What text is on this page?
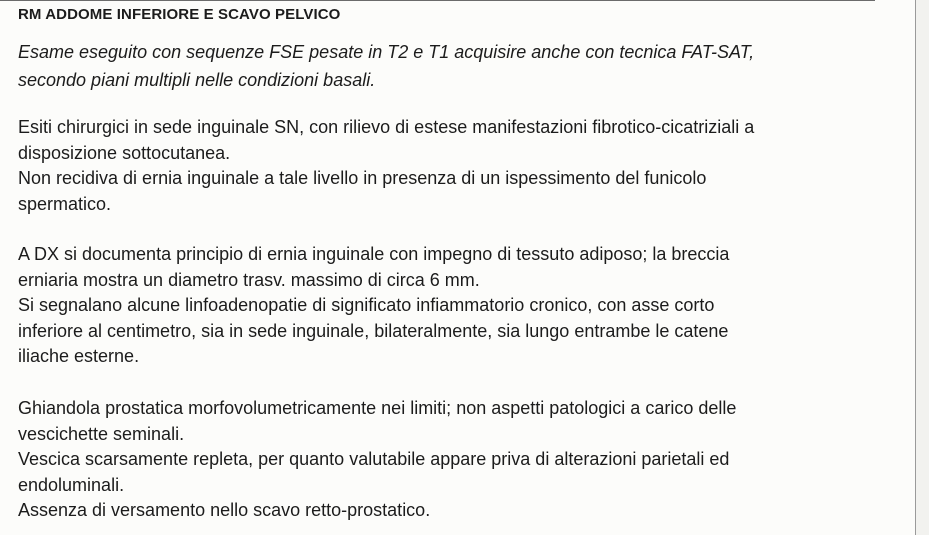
RM ADDOME INFERIORE E SCAVO PELVICO
Esame eseguito con sequenze FSE pesate in T2 e T1 acquisire anche con tecnica FAT-SAT,
secondo piani multipli nelle condizioni basali.
Esiti chirurgici in sede inguinale SN, con rilievo di estese manifestazioni fibrotico-cicatriziali a
disposizione sottocutanea.
Non recidiva di ernia inguinale a tale livello in presenza di un ispessimento del funicolo
spermatico.
A DX si documenta principio di ernia inguinale con impegno di tessuto adiposo; la breccia
erniaria mostra un diametro trasv. massimo di circa 6 mm.
Si segnalano alcune linfoadenopatie di significato infiammatorio cronico, con asse corto
inferiore al centimetro, sia in sede inguinale, bilateralmente, sia lungo entrambe le catene
iliache esterne.
Ghiandola prostatica morfovolumetricamente nei limiti; non aspetti patologici a carico delle
vescichette seminali.
Vescica scarsamente repleta, per quanto valutabile appare priva di alterazioni parietali ed
endoluminali.
Assenza di versamento nello scavo retto-prostatico.
